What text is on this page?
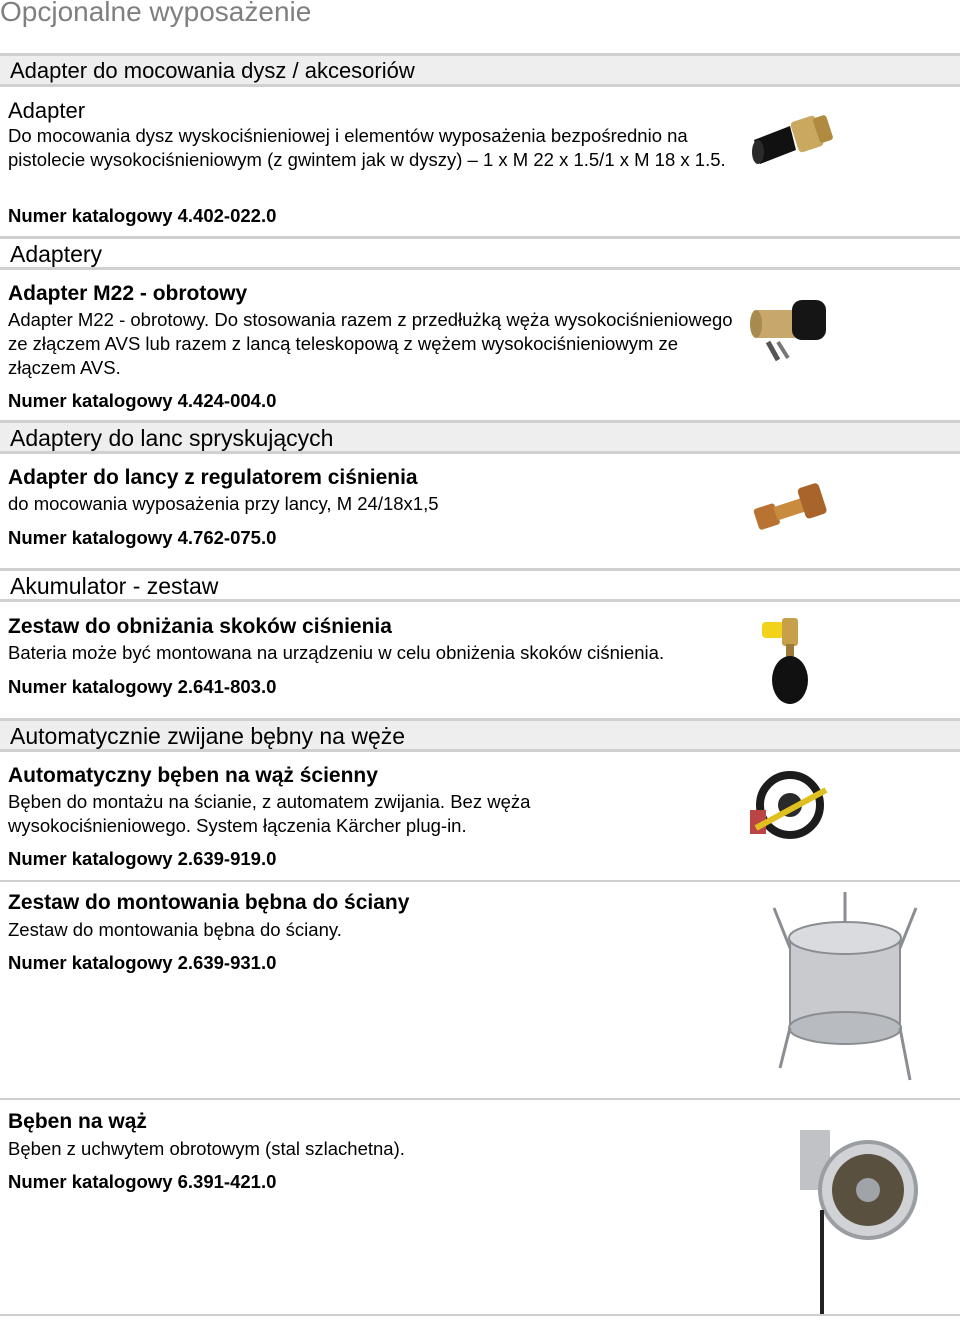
Opcjonalne wyposażenie
Adapter do mocowania dysz / akcesoriów
Adapter
Do mocowania dysz wyskociśnieniowej i elementów wyposażenia bezpośrednio na pistolecie wysokociśnieniowym (z gwintem jak w dyszy) – 1 x M 22 x 1.5/1 x M 18 x 1.5.
Numer katalogowy 4.402-022.0
Adaptery
Adapter M22 - obrotowy
Adapter M22 - obrotowy. Do stosowania razem z przedłużką węża wysokociśnieniowego ze złączem AVS lub razem z lancą teleskopową z wężem wysokociśnieniowym ze złączem AVS.
Numer katalogowy 4.424-004.0
Adaptery do lanc spryskujących
Adapter do lancy z regulatorem ciśnienia
do mocowania wyposażenia przy lancy, M 24/18x1,5
Numer katalogowy 4.762-075.0
Akumulator - zestaw
Zestaw do obniżania skoków ciśnienia
Bateria może być montowana na urządzeniu w celu obniżenia skoków ciśnienia.
Numer katalogowy 2.641-803.0
Automatycznie zwijane bębny na węże
Automatyczny bęben na wąż ścienny
Bęben do montażu na ścianie, z automatem zwijania. Bez węża wysokociśnieniowego. System łączenia Kärcher plug-in.
Numer katalogowy 2.639-919.0
Zestaw do montowania bębna do ściany
Zestaw do montowania bębna do ściany.
Numer katalogowy 2.639-931.0
Bęben na wąż
Bęben z uchwytem obrotowym (stal szlachetna).
Numer katalogowy 6.391-421.0
